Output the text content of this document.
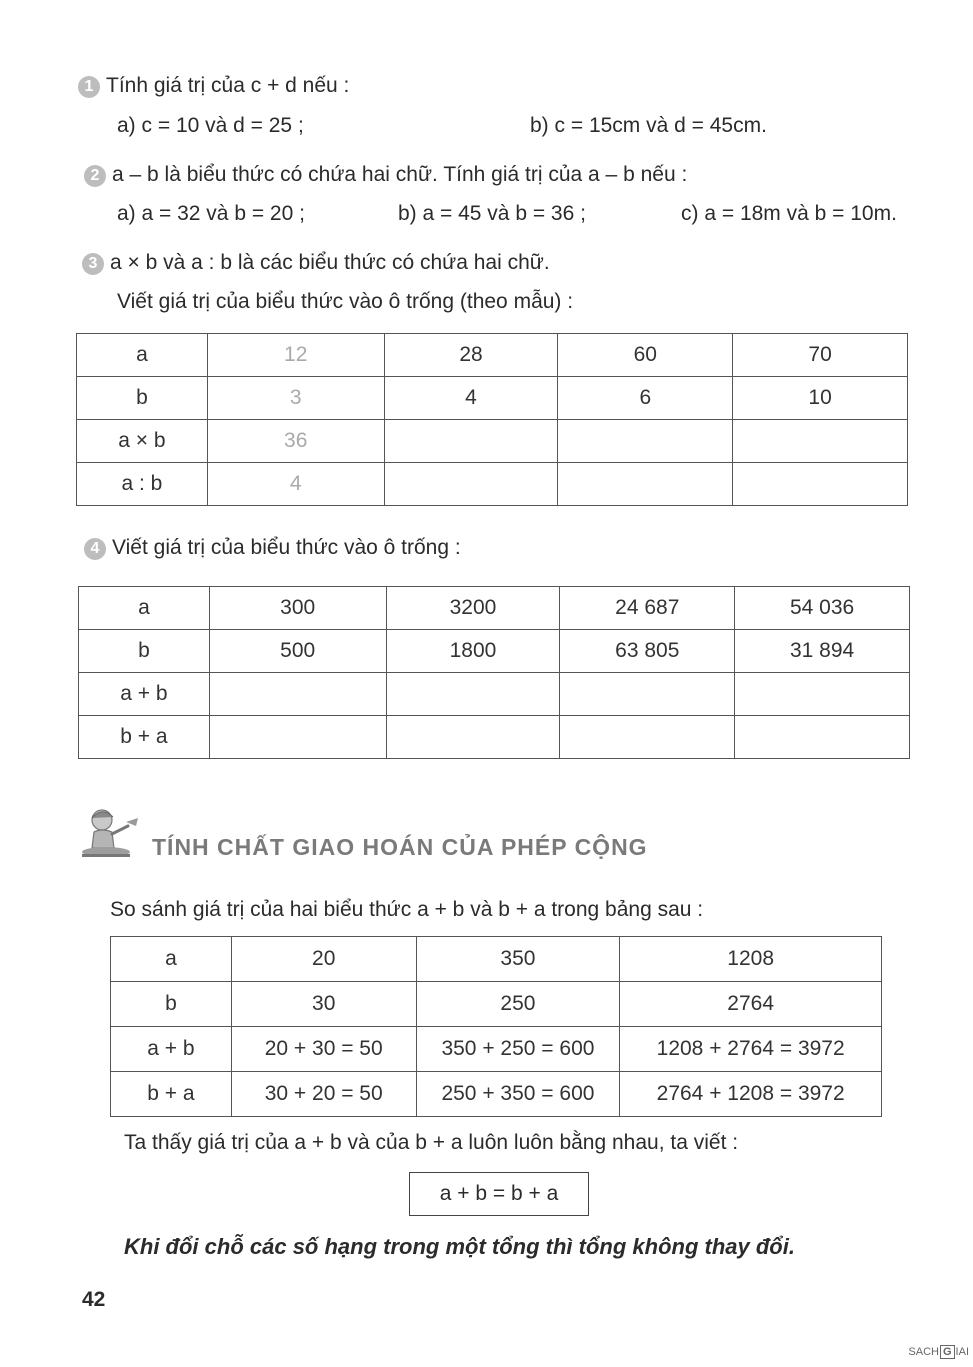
1 Tính giá trị của c + d nếu :
a) c = 10 và d = 25 ;	b) c = 15cm và d = 45cm.
2 a – b là biểu thức có chứa hai chữ. Tính giá trị của a – b nếu :
a) a = 32 và b = 20 ;	b) a = 45 và b = 36 ;	c) a = 18m và b = 10m.
3 a × b và a : b là các biểu thức có chứa hai chữ.
Viết giá trị của biểu thức vào ô trống (theo mẫu) :
a	12	28	60	70
b	3	4	6	10
a × b	36			
a : b	4			
4 Viết giá trị của biểu thức vào ô trống :
a	300	3200	24 687	54 036
b	500	1800	63 805	31 894
a + b				
b + a				
TÍNH CHẤT GIAO HOÁN CỦA PHÉP CỘNG
So sánh giá trị của hai biểu thức a + b và b + a trong bảng sau :
a	20	350	1208
b	30	250	2764
a + b	20 + 30 = 50	350 + 250 = 600	1208 + 2764 = 3972
b + a	30 + 20 = 50	250 + 350 = 600	2764 + 1208 = 3972
Ta thấy giá trị của a + b và của b + a luôn luôn bằng nhau, ta viết :
a + b = b + a
Khi đổi chỗ các số hạng trong một tổng thì tổng không thay đổi.
42
SACH G IAI
